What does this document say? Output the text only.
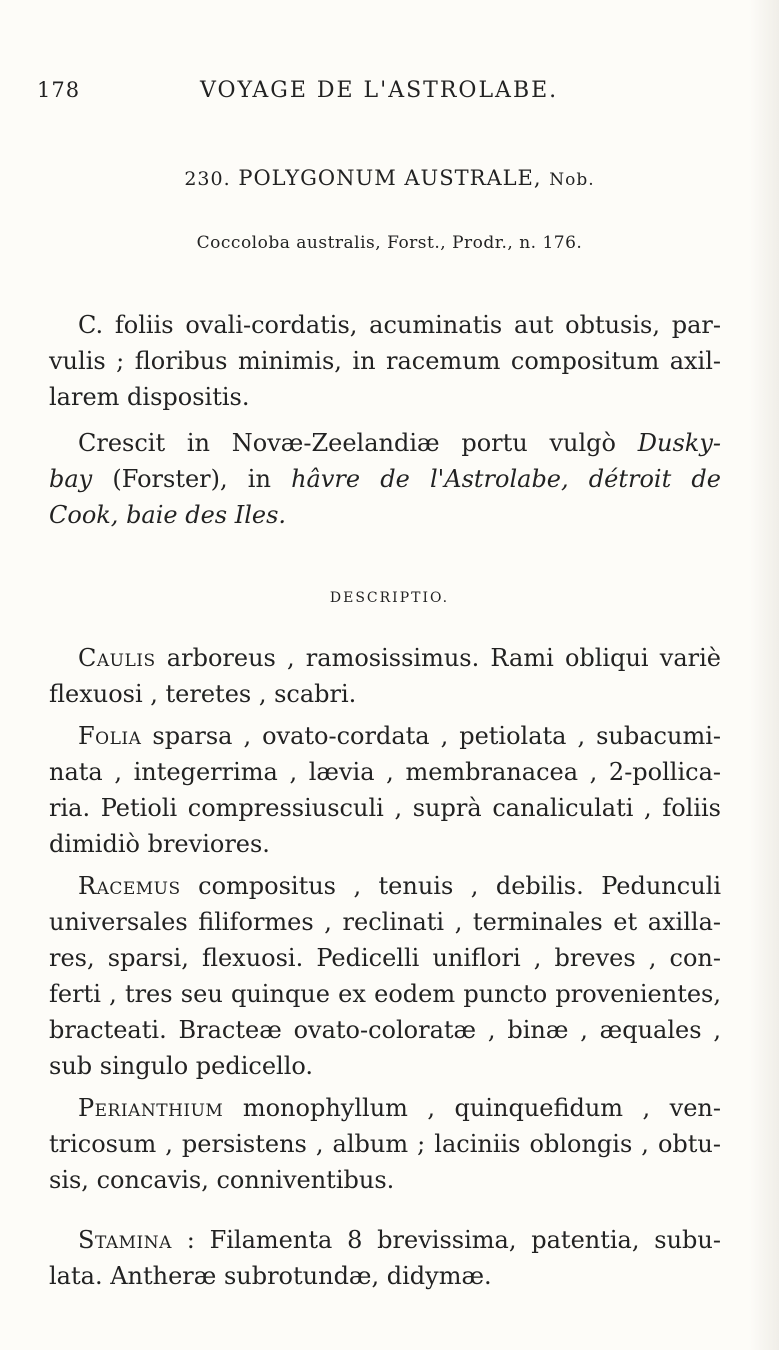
178	VOYAGE DE L'ASTROLABE.
230. POLYGONUM AUSTRALE, Nob.
Coccoloba australis, Forst., Prodr., n. 176.
C. foliis ovali-cordatis, acuminatis aut obtusis, par-
vulis ; floribus minimis, in racemum compositum axil-
larem dispositis.
Crescit in Novæ-Zeelandiæ portu vulgò Dusky-
bay (Forster), in hâvre de l'Astrolabe, détroit de
Cook, baie des Iles.
DESCRIPTIO.
Caulis arboreus , ramosissimus. Rami obliqui variè
flexuosi , teretes , scabri.
Folia sparsa , ovato-cordata , petiolata , subacumi-
nata , integerrima , lævia , membranacea , 2-pollica-
ria. Petioli compressiusculi , suprà canaliculati , foliis
dimidiò breviores.
Racemus compositus , tenuis , debilis. Pedunculi
universales filiformes , reclinati , terminales et axilla-
res, sparsi, flexuosi. Pedicelli uniflori , breves , con-
ferti , tres seu quinque ex eodem puncto provenientes,
bracteati. Bracteæ ovato-coloratæ , binæ , æquales ,
sub singulo pedicello.
Perianthium monophyllum , quinquefidum , ven-
tricosum , persistens , album ; laciniis oblongis , obtu-
sis, concavis, conniventibus.
Stamina : Filamenta 8 brevissima, patentia, subu-
lata. Antheræ subrotundæ, didymæ.
